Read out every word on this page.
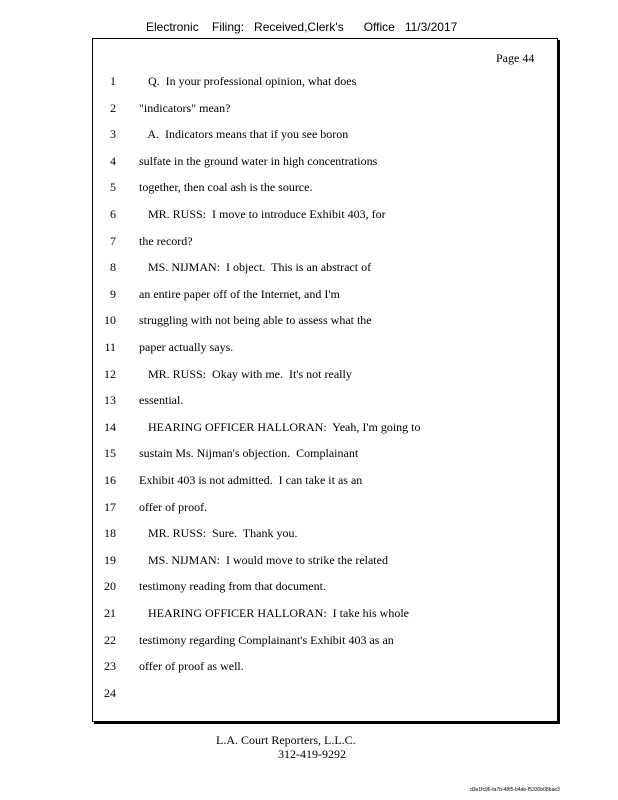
Electronic    Filing:   Received,Clerk's      Office   11/3/2017
Page 44
1 Q.  In your professional opinion, what does
2 "indicators" mean?
3 A.  Indicators means that if you see boron
4 sulfate in the ground water in high concentrations
5 together, then coal ash is the source.
6 MR. RUSS:  I move to introduce Exhibit 403, for
7 the record?
8 MS. NIJMAN:  I object.  This is an abstract of
9 an entire paper off of the Internet, and I'm
10 struggling with not being able to assess what the
11 paper actually says.
12 MR. RUSS:  Okay with me.  It's not really
13 essential.
14 HEARING OFFICER HALLORAN:  Yeah, I'm going to
15 sustain Ms. Nijman's objection.  Complainant
16 Exhibit 403 is not admitted.  I can take it as an
17 offer of proof.
18 MR. RUSS:  Sure.  Thank you.
19 MS. NIJMAN:  I would move to strike the related
20 testimony reading from that document.
21 HEARING OFFICER HALLORAN:  I take his whole
22 testimony regarding Complainant's Exhibit 403 as an
23 offer of proof as well.
24
L.A. Court Reporters, L.L.C.
312-419-9292
d3e1fc96-fa7b-48f5-b4de-f5330b08bae3
